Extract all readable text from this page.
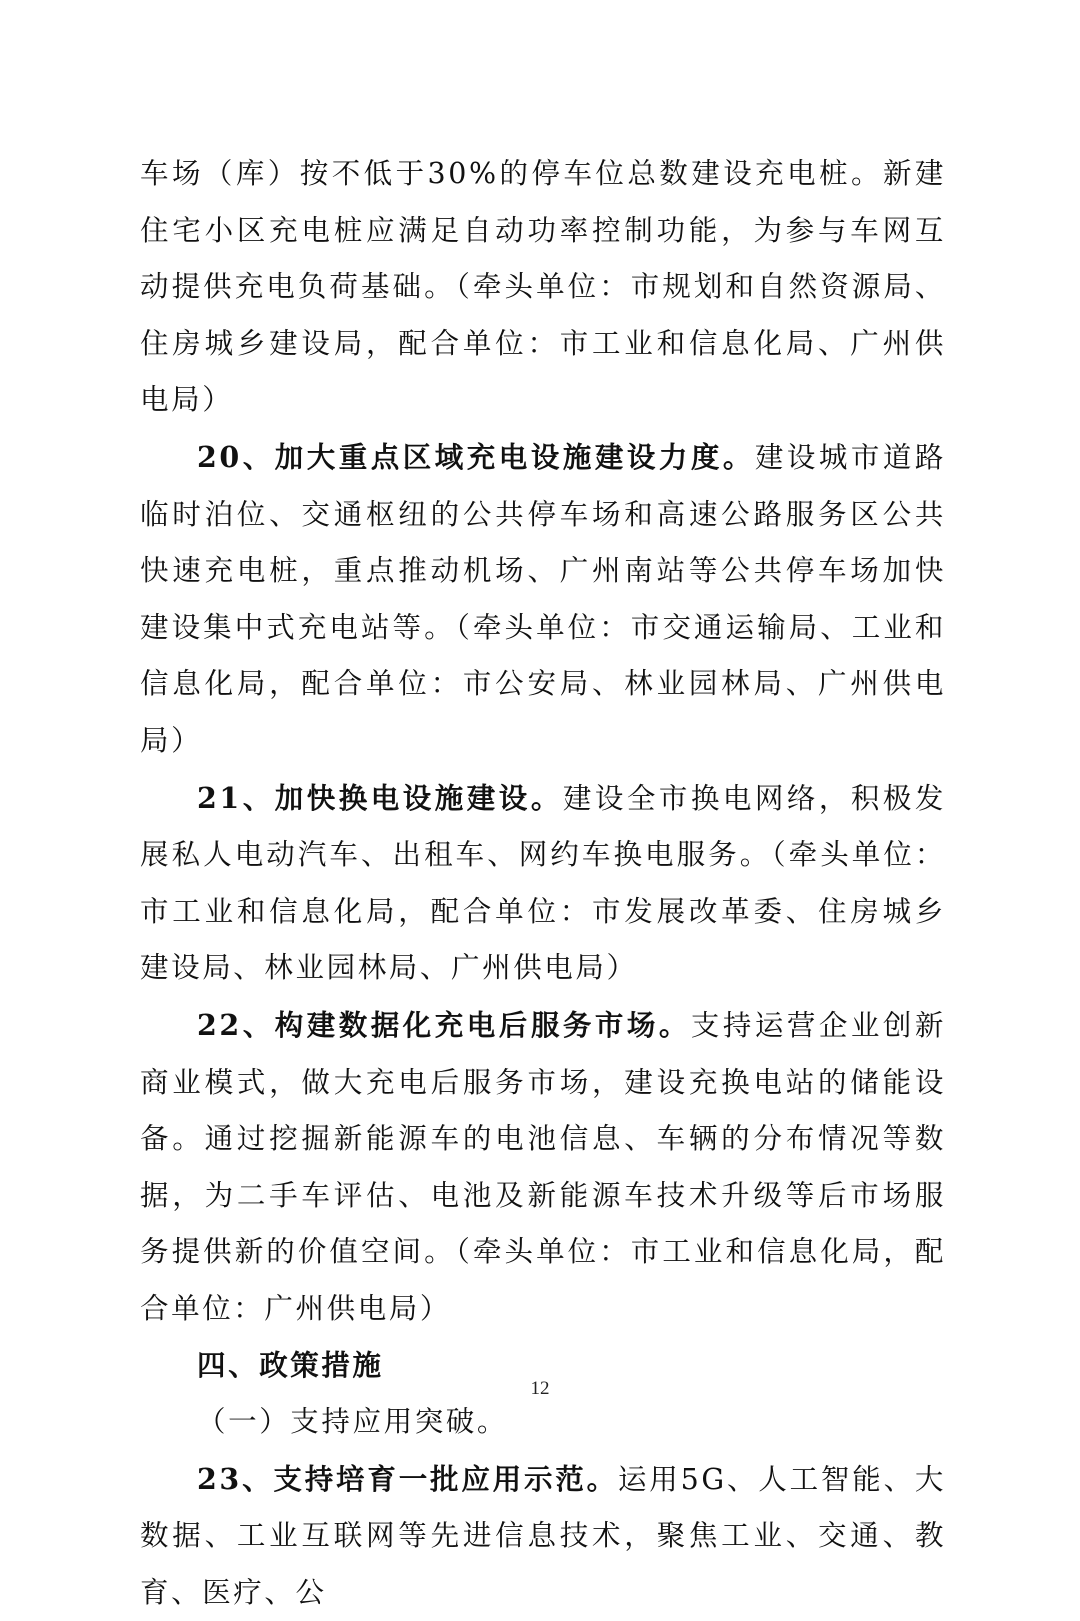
车场（库）按不低于30%的停车位总数建设充电桩。新建住宅小区充电桩应满足自动功率控制功能，为参与车网互动提供充电负荷基础。（牵头单位：市规划和自然资源局、住房城乡建设局，配合单位：市工业和信息化局、广州供电局）

20、加大重点区域充电设施建设力度。建设城市道路临时泊位、交通枢纽的公共停车场和高速公路服务区公共快速充电桩，重点推动机场、广州南站等公共停车场加快建设集中式充电站等。（牵头单位：市交通运输局、工业和信息化局，配合单位：市公安局、林业园林局、广州供电局）

21、加快换电设施建设。建设全市换电网络，积极发展私人电动汽车、出租车、网约车换电服务。（牵头单位：市工业和信息化局，配合单位：市发展改革委、住房城乡建设局、林业园林局、广州供电局）

22、构建数据化充电后服务市场。支持运营企业创新商业模式，做大充电后服务市场，建设充换电站的储能设备。通过挖掘新能源车的电池信息、车辆的分布情况等数据，为二手车评估、电池及新能源车技术升级等后市场服务提供新的价值空间。（牵头单位：市工业和信息化局，配合单位：广州供电局）

四、政策措施

（一）支持应用突破。

23、支持培育一批应用示范。运用5G、人工智能、大数据、工业互联网等先进信息技术，聚焦工业、交通、教育、医疗、公

12
